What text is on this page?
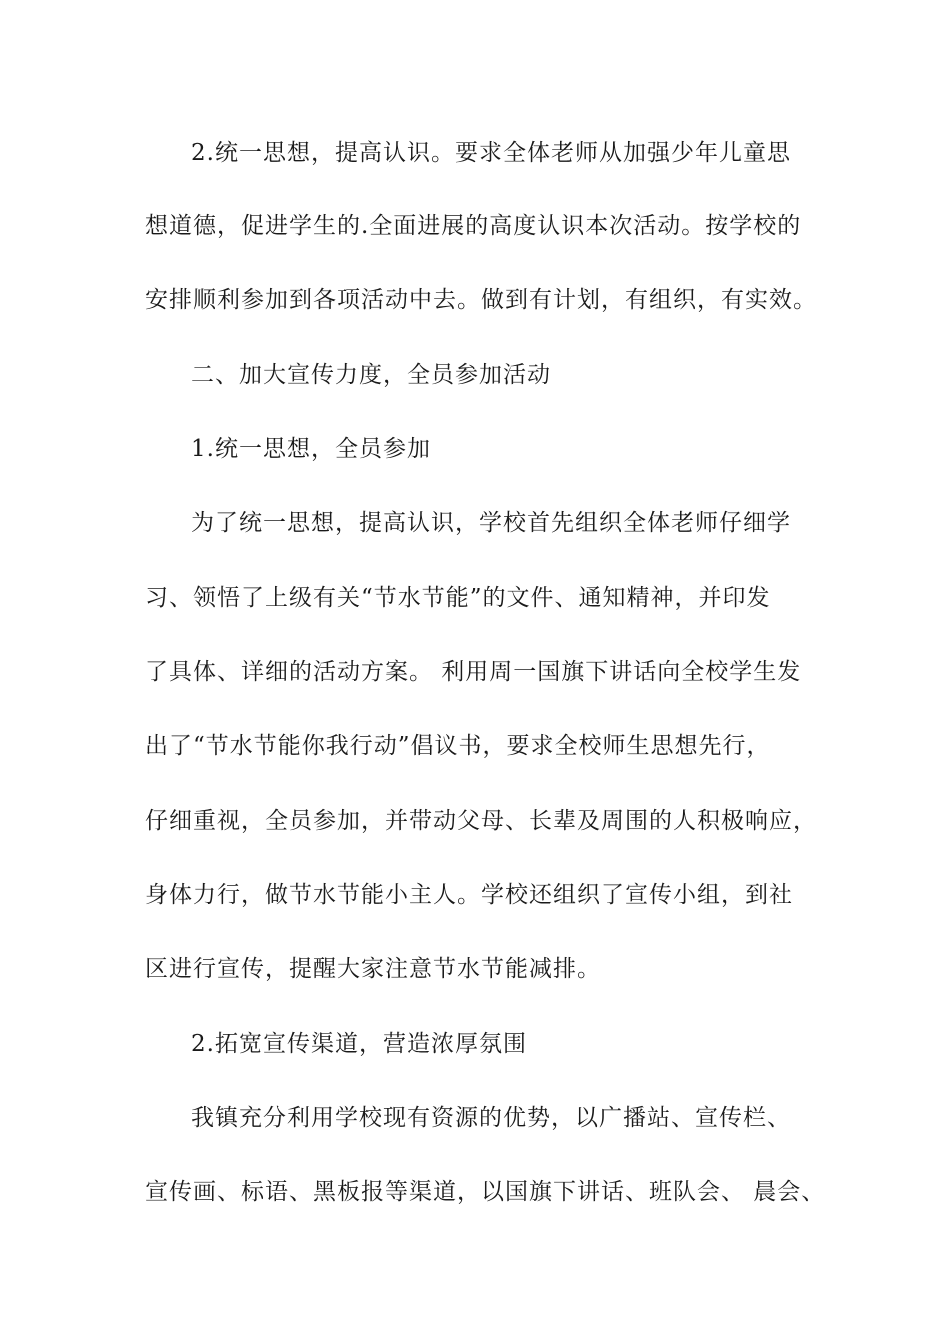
2.统一思想，提高认识。要求全体老师从加强少年儿童思
想道德，促进学生的.全面进展的高度认识本次活动。按学校的
安排顺利参加到各项活动中去。做到有计划，有组织，有实效。
二、加大宣传力度，全员参加活动
1.统一思想，全员参加
为了统一思想，提高认识，学校首先组织全体老师仔细学
习、领悟了上级有关“节水节能”的文件、通知精神，并印发
了具体、详细的活动方案。 利用周一国旗下讲话向全校学生发
出了“节水节能你我行动”倡议书，要求全校师生思想先行，
仔细重视，全员参加，并带动父母、长辈及周围的人积极响应，
身体力行，做节水节能小主人。学校还组织了宣传小组，到社
区进行宣传，提醒大家注意节水节能减排。
2.拓宽宣传渠道，营造浓厚氛围
我镇充分利用学校现有资源的优势，以广播站、宣传栏、
宣传画、标语、黑板报等渠道，以国旗下讲话、班队会、 晨会、
